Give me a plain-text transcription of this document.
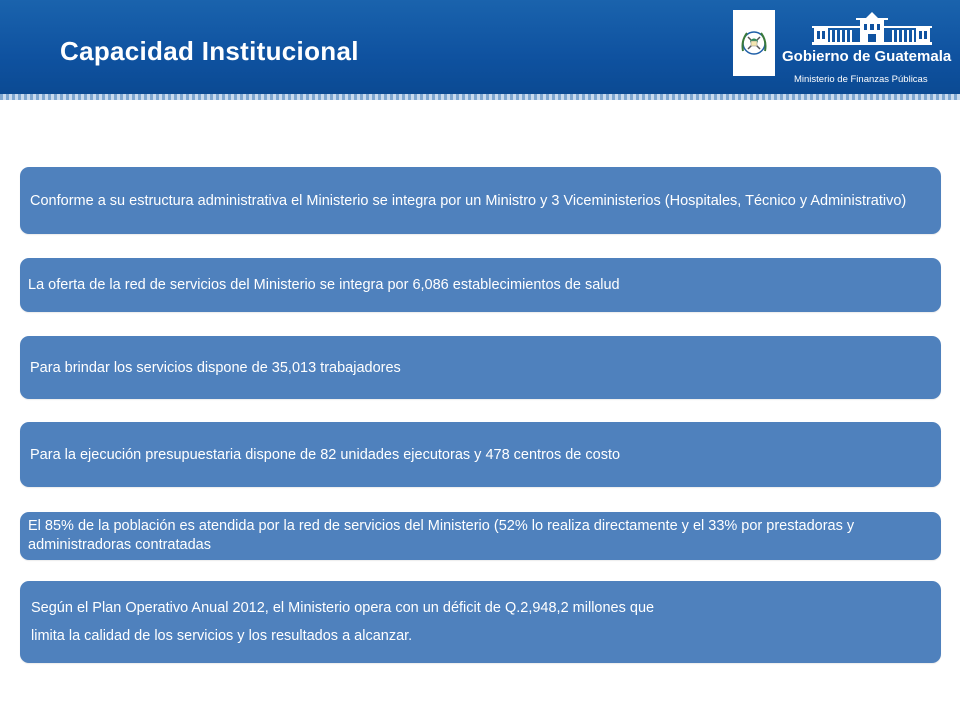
Capacidad Institucional	Gobierno de Guatemala
Ministerio de Finanzas Públicas
Conforme a su estructura administrativa el Ministerio se integra por un Ministro y 3 Viceministerios (Hospitales, Técnico y Administrativo)
La oferta de la red de servicios del Ministerio se integra por 6,086 establecimientos de salud
Para brindar los servicios dispone de 35,013 trabajadores
Para la ejecución presupuestaria dispone de 82 unidades ejecutoras y 478 centros de costo
El 85% de la población es atendida por la red de servicios del Ministerio (52% lo realiza directamente y el 33% por prestadoras y administradoras contratadas
Según el Plan Operativo Anual 2012, el Ministerio opera con un déficit de Q.2,948,2 millones que
limita la calidad de los servicios y los resultados a alcanzar.
